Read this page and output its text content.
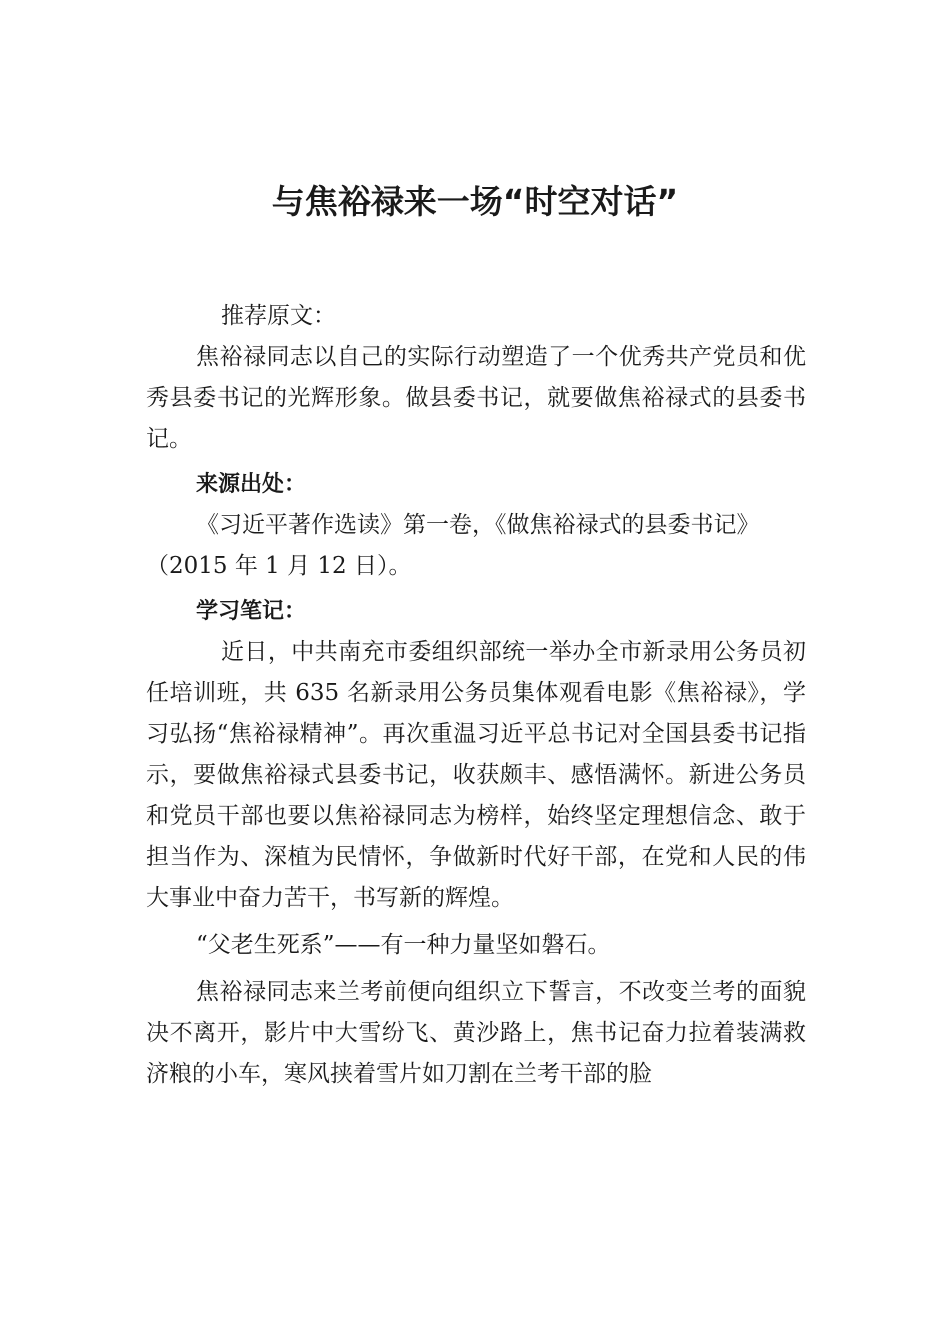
与焦裕禄来一场“时空对话”

推荐原文：

焦裕禄同志以自己的实际行动塑造了一个优秀共产党员和优秀县委书记的光辉形象。做县委书记，就要做焦裕禄式的县委书记。

来源出处：

《习近平著作选读》第一卷，《做焦裕禄式的县委书记》

（2015 年 1 月 12 日）。

学习笔记：

近日，中共南充市委组织部统一举办全市新录用公务员初任培训班，共 635 名新录用公务员集体观看电影《焦裕禄》，学习弘扬“焦裕禄精神”。再次重温习近平总书记对全国县委书记指示，要做焦裕禄式县委书记，收获颇丰、感悟满怀。新进公务员和党员干部也要以焦裕禄同志为榜样，始终坚定理想信念、敢于担当作为、深植为民情怀，争做新时代好干部，在党和人民的伟大事业中奋力苦干，书写新的辉煌。

“父老生死系”——有一种力量坚如磐石。

焦裕禄同志来兰考前便向组织立下誓言，不改变兰考的面貌决不离开，影片中大雪纷飞、黄沙路上，焦书记奋力拉着装满救济粮的小车，寒风挟着雪片如刀割在兰考干部的脸
